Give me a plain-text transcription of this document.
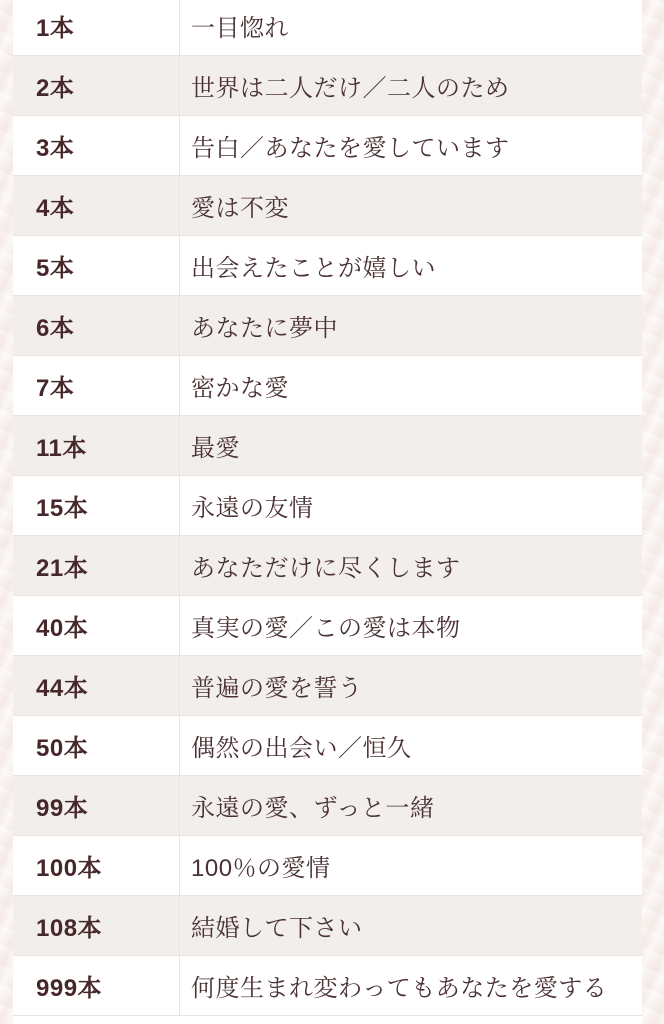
1本	一目惚れ
2本	世界は二人だけ／二人のため
3本	告白／あなたを愛しています
4本	愛は不変
5本	出会えたことが嬉しい
6本	あなたに夢中
7本	密かな愛
11本	最愛
15本	永遠の友情
21本	あなただけに尽くします
40本	真実の愛／この愛は本物
44本	普遍の愛を誓う
50本	偶然の出会い／恒久
99本	永遠の愛、ずっと一緒
100本	100％の愛情
108本	結婚して下さい
999本	何度生まれ変わってもあなたを愛する
